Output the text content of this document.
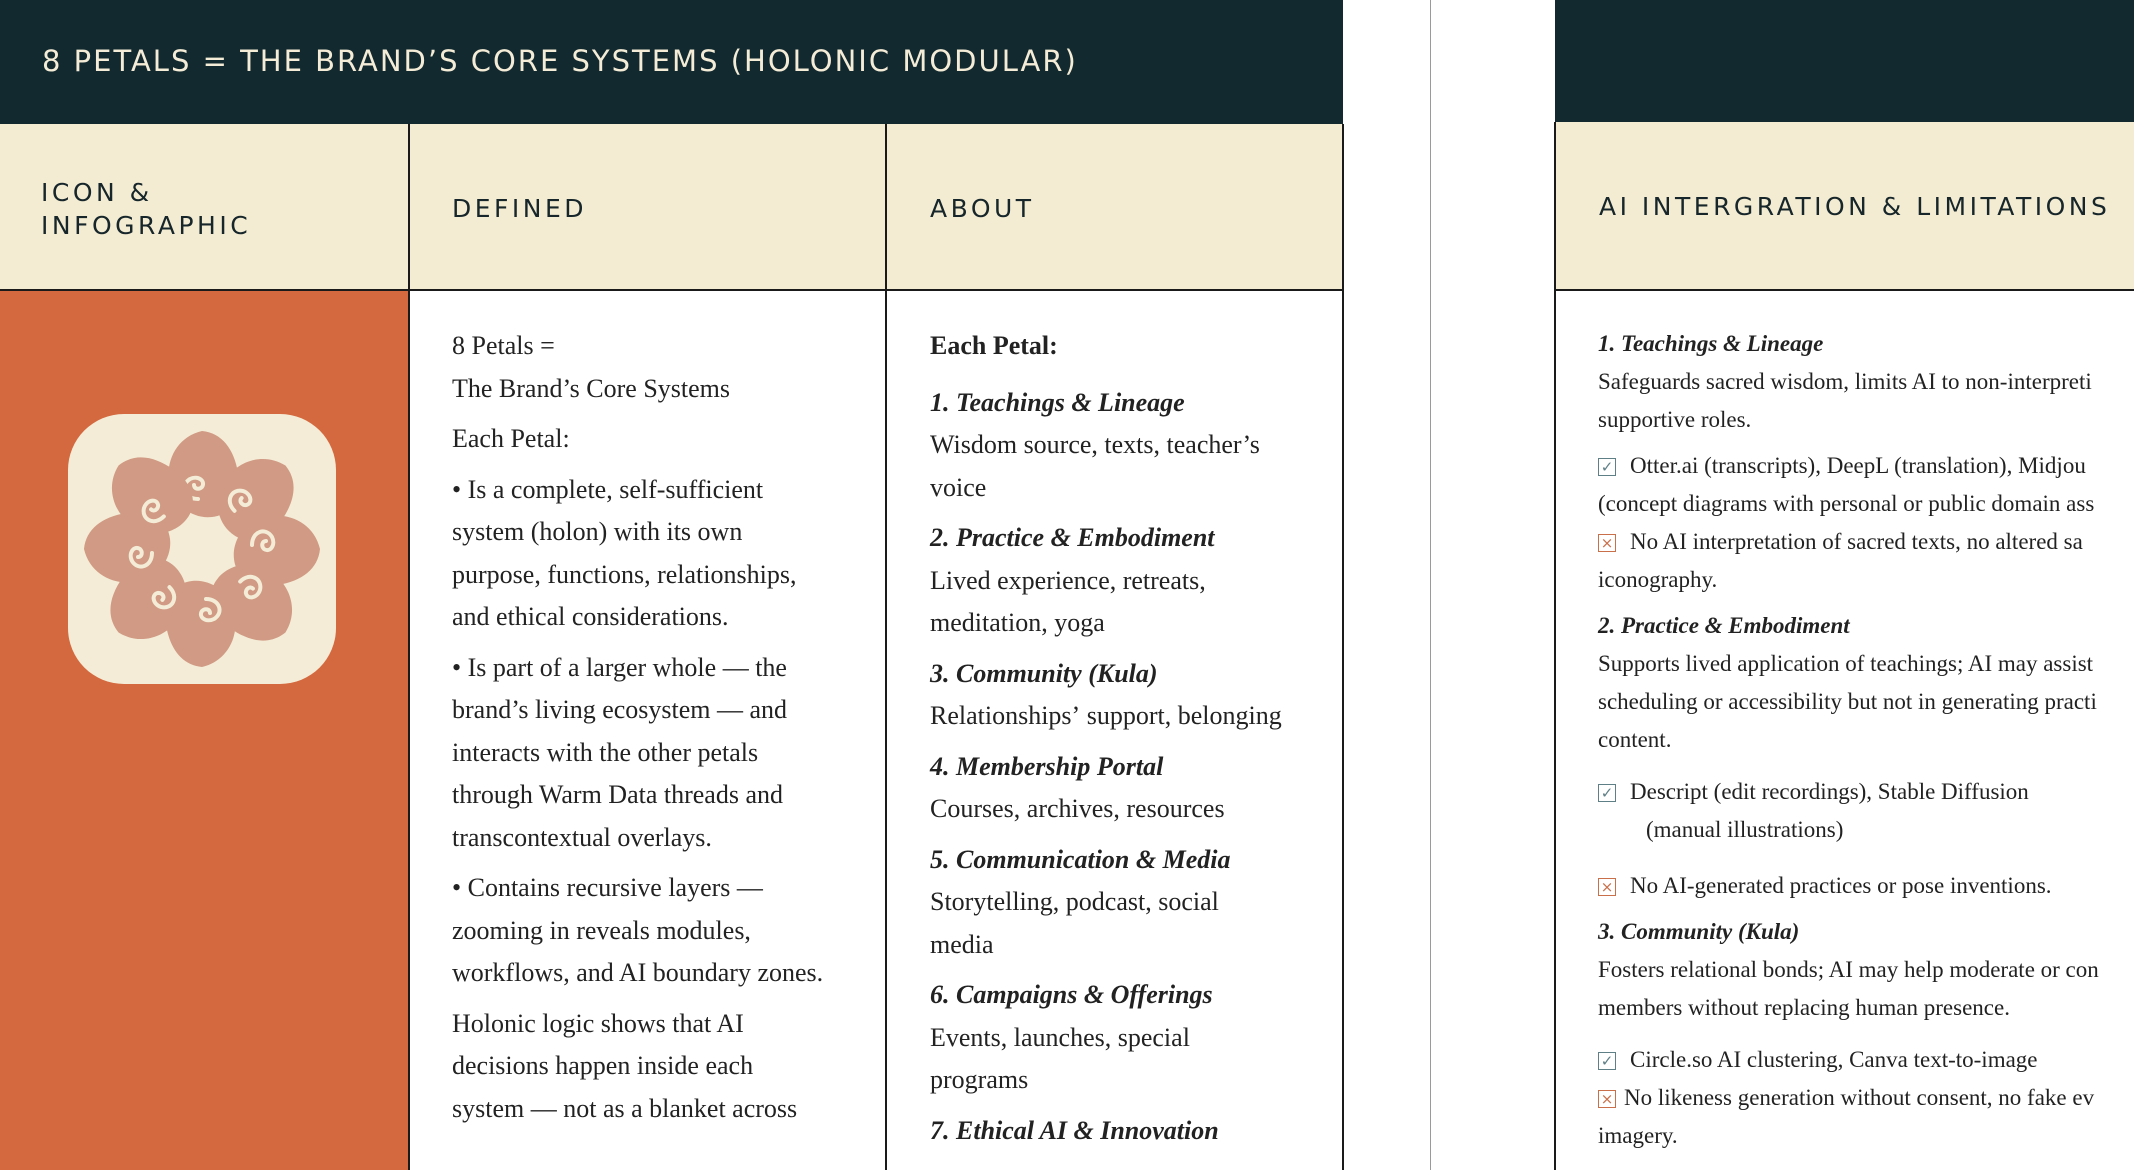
8 PETALS = THE BRAND’S CORE SYSTEMS (HOLONIC MODULAR)
ICON &
INFOGRAPHIC
DEFINED	ABOUT	AI INTERGRATION & LIMITATIONS

8 Petals =

The Brand’s Core Systems

Each Petal:

• Is a complete, self-sufficient

system (holon) with its own

purpose, functions, relationships,

and ethical considerations.

• Is part of a larger whole — the

brand’s living ecosystem — and

interacts with the other petals

through Warm Data threads and

transcontextual overlays.

• Contains recursive layers —

zooming in reveals modules,

workflows, and AI boundary zones.

Holonic logic shows that AI

decisions happen inside each

system — not as a blanket across

Each Petal:

1. Teachings & Lineage

Wisdom source, texts, teacher’s

voice

2. Practice & Embodiment

Lived experience, retreats,

meditation, yoga

3. Community (Kula)

Relationshipsʼ support, belonging

4. Membership Portal

Courses, archives, resources

5. Communication & Media

Storytelling, podcast, social

media

6. Campaigns & Offerings

Events, launches, special

programs

7. Ethical AI & Innovation

1. Teachings & Lineage

Safeguards sacred wisdom, limits AI to non-interpreti

supportive roles.

✓ Otter.ai (transcripts), DeepL (translation), Midjou

(concept diagrams with personal or public domain ass

× No AI interpretation of sacred texts, no altered sa

iconography.

2. Practice & Embodiment

Supports lived application of teachings; AI may assist

scheduling or accessibility but not in generating practi

content.

✓ Descript (edit recordings), Stable Diffusion

(manual illustrations)

× No AI-generated practices or pose inventions.

3. Community (Kula)

Fosters relational bonds; AI may help moderate or con

members without replacing human presence.

✓ Circle.so AI clustering, Canva text-to-image

× No likeness generation without consent, no fake ev

imagery.
